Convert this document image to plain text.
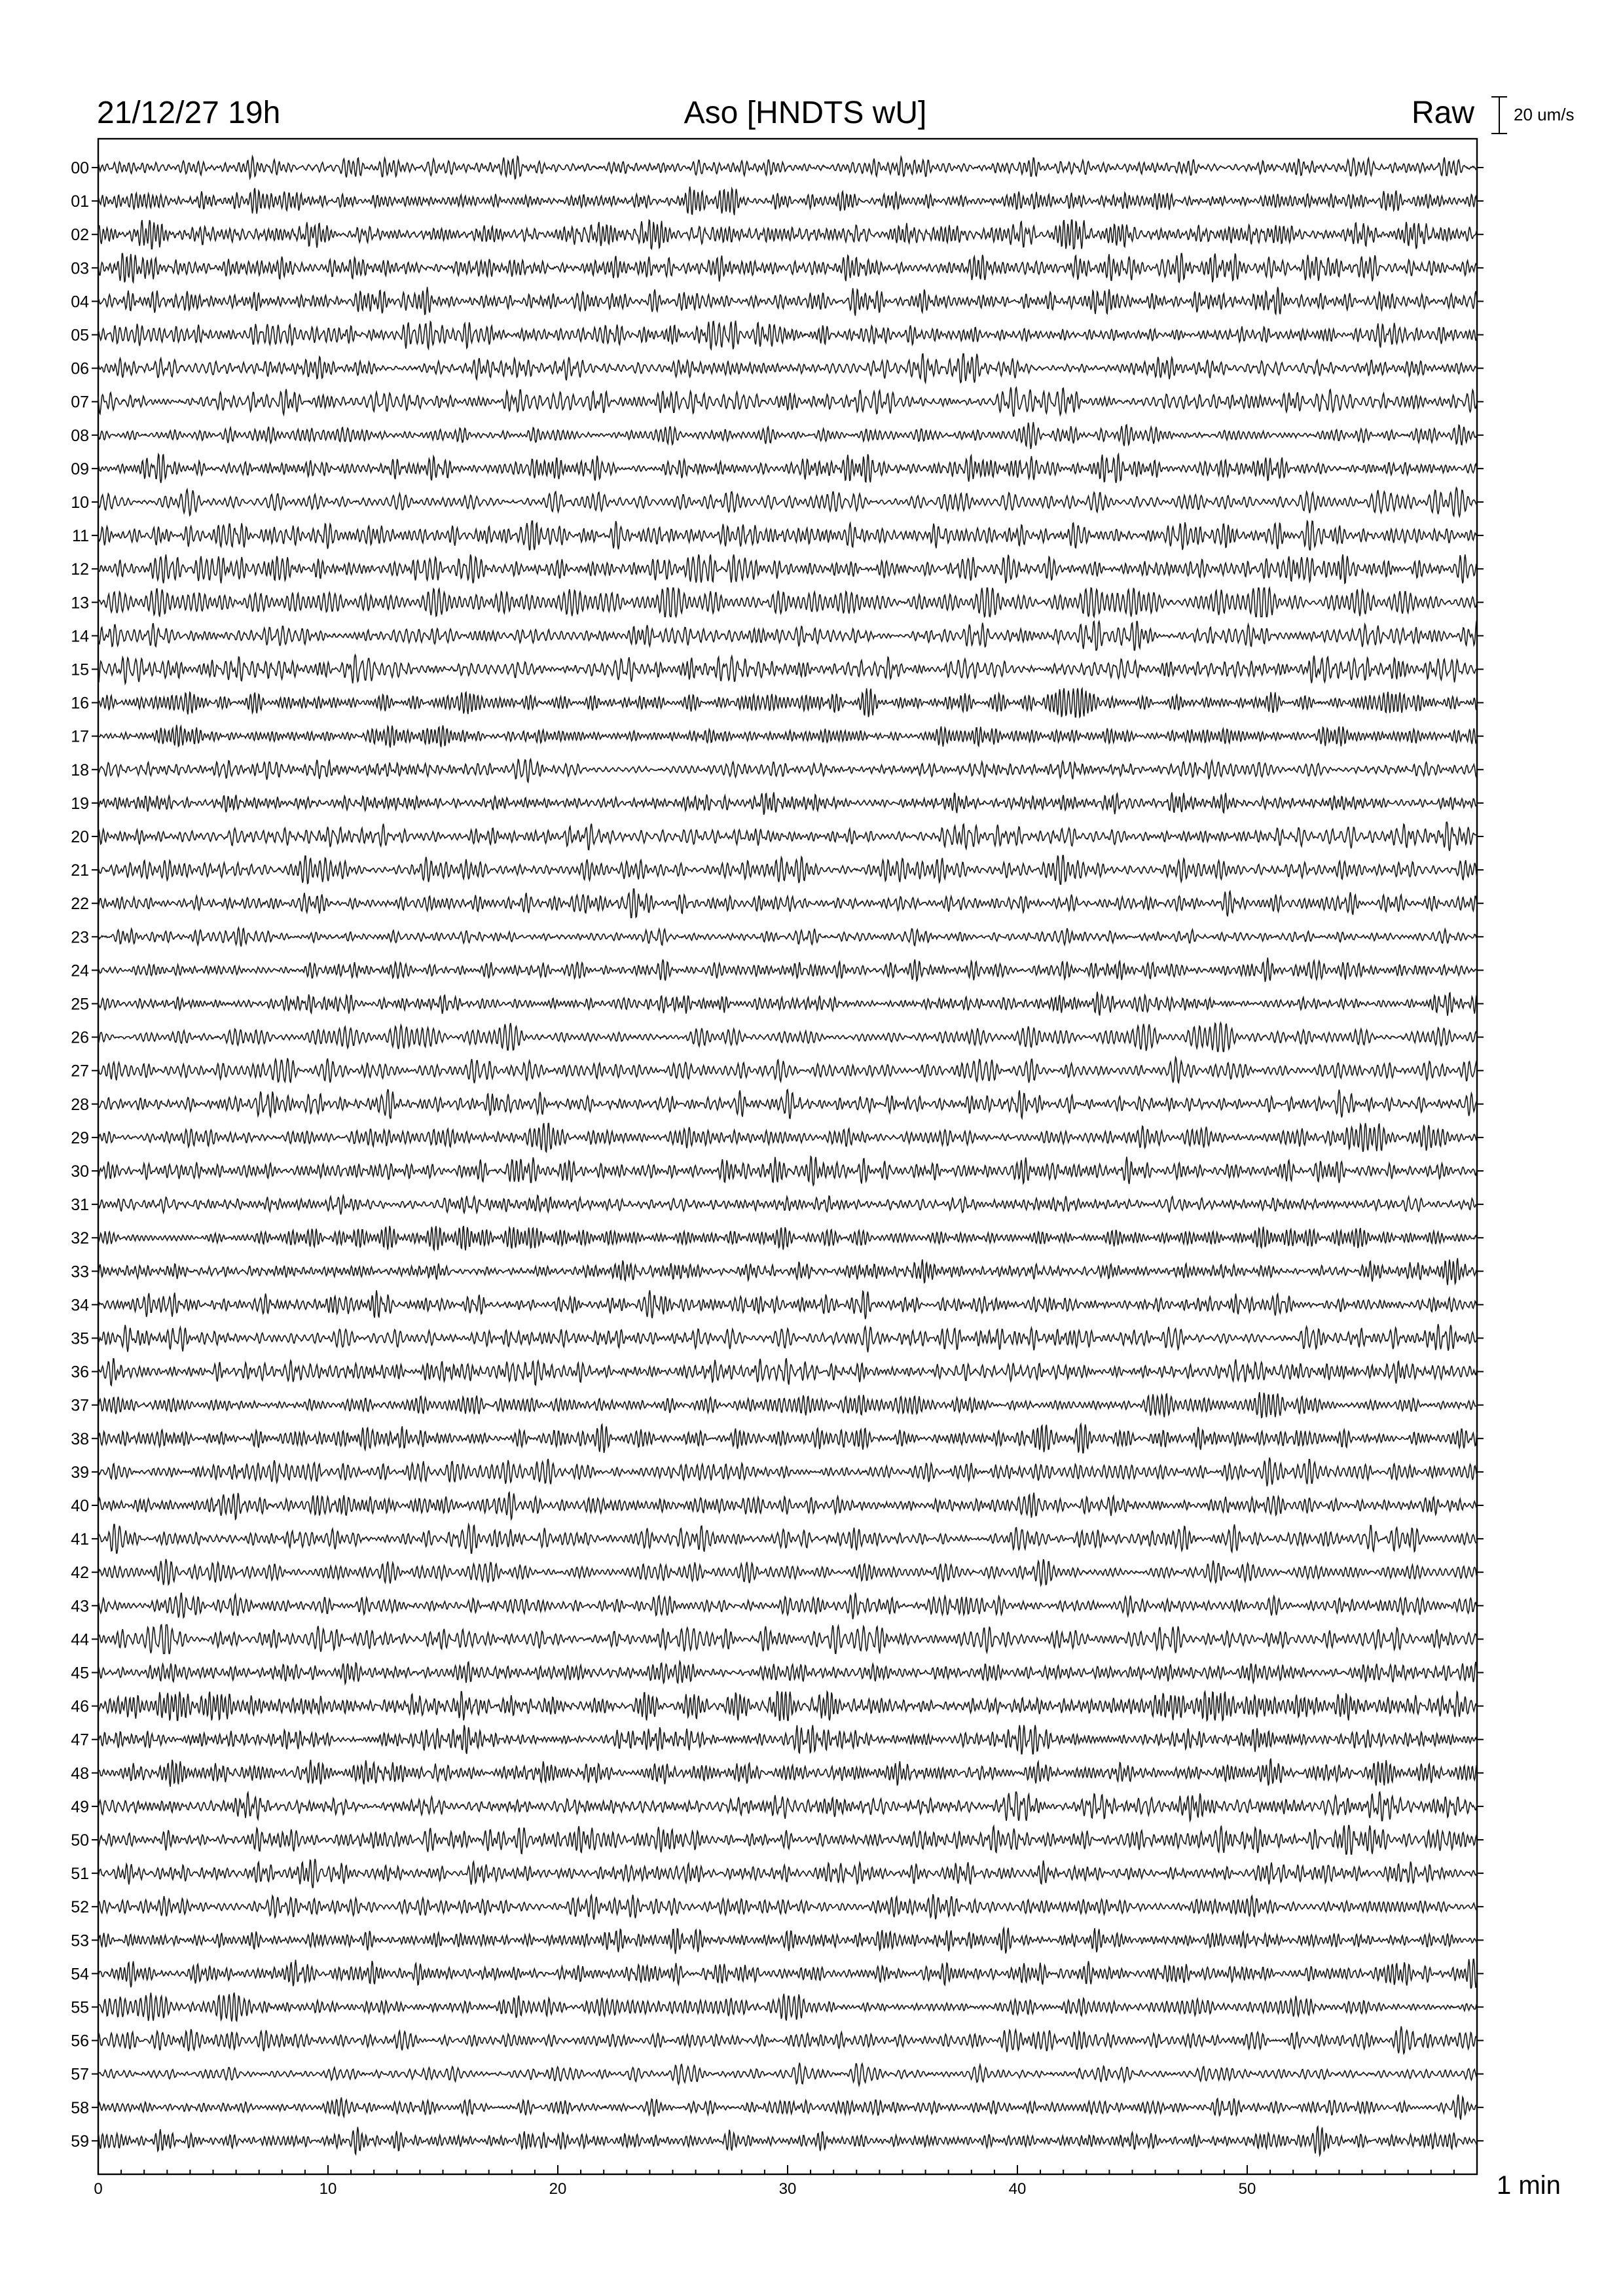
21/12/27 19h	Aso [HNDTS wU]	Raw 20 um/s
00
01
02
03
04
05
06
07
08
09
10
11
12
13
14
15
16
17
18
19
20
21
22
23
24
25
26
27
28
29
30
31
32
33
34
35
36
37
38
39
40
41
42
43
44
45
46
47
48
49
50
51
52
53
54
55
56
57
58
59
0	10	20	30	40	50	1 min
